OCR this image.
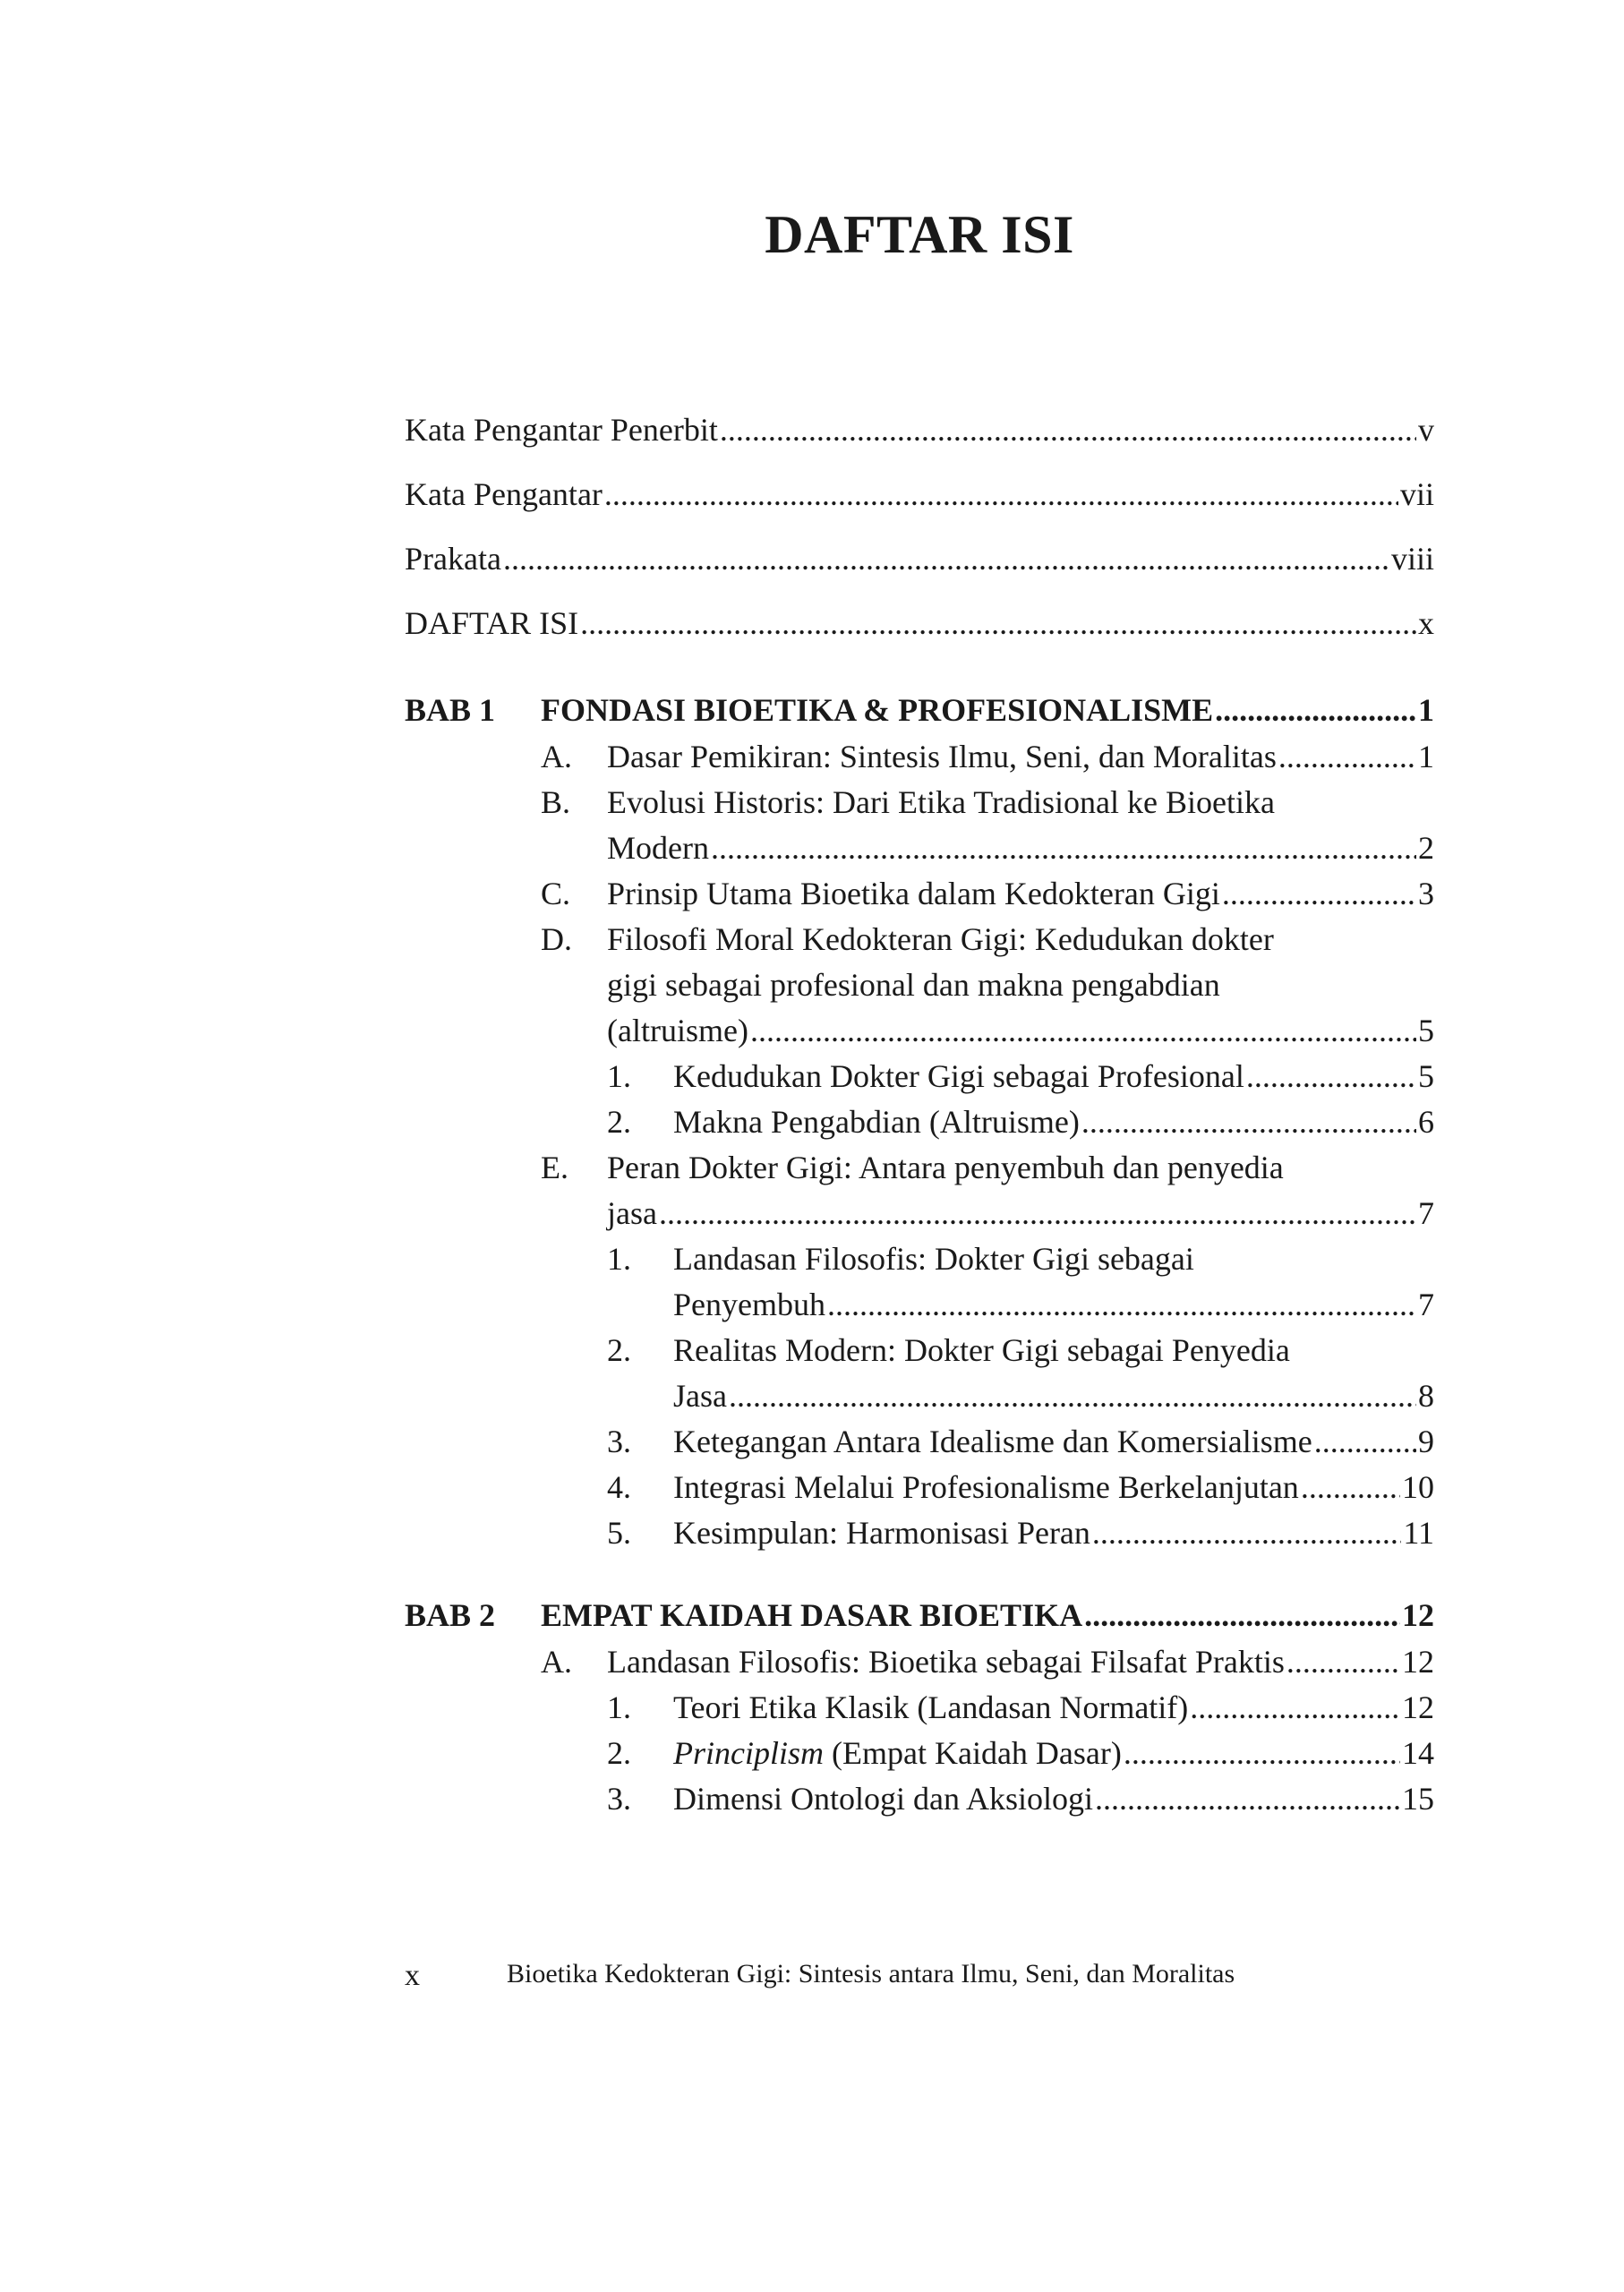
DAFTAR ISI
Kata Pengantar Penerbit .....	v
Kata Pengantar .....	vii
Prakata .....	viii
DAFTAR ISI .....	x
BAB 1 FONDASI BIOETIKA & PROFESIONALISME .....	1
A. Dasar Pemikiran: Sintesis Ilmu, Seni, dan Moralitas .....	1
B. Evolusi Historis: Dari Etika Tradisional ke Bioetika
Modern .....	2
C. Prinsip Utama Bioetika dalam Kedokteran Gigi .....	3
D. Filosofi Moral Kedokteran Gigi: Kedudukan dokter
gigi sebagai profesional dan makna pengabdian
(altruisme) .....	5
1. Kedudukan Dokter Gigi sebagai Profesional .....	5
2. Makna Pengabdian (Altruisme) .....	6
E. Peran Dokter Gigi: Antara penyembuh dan penyedia
jasa .....	7
1. Landasan Filosofis: Dokter Gigi sebagai
Penyembuh .....	7
2. Realitas Modern: Dokter Gigi sebagai Penyedia
Jasa .....	8
3. Ketegangan Antara Idealisme dan Komersialisme .....	9
4. Integrasi Melalui Profesionalisme Berkelanjutan .....	10
5. Kesimpulan: Harmonisasi Peran .....	11
BAB 2 EMPAT KAIDAH DASAR BIOETIKA .....	12
A. Landasan Filosofis: Bioetika sebagai Filsafat Praktis .....	12
1. Teori Etika Klasik (Landasan Normatif) .....	12
2. Principlism (Empat Kaidah Dasar) .....	14
3. Dimensi Ontologi dan Aksiologi .....	15
x	Bioetika Kedokteran Gigi: Sintesis antara Ilmu, Seni, dan Moralitas
